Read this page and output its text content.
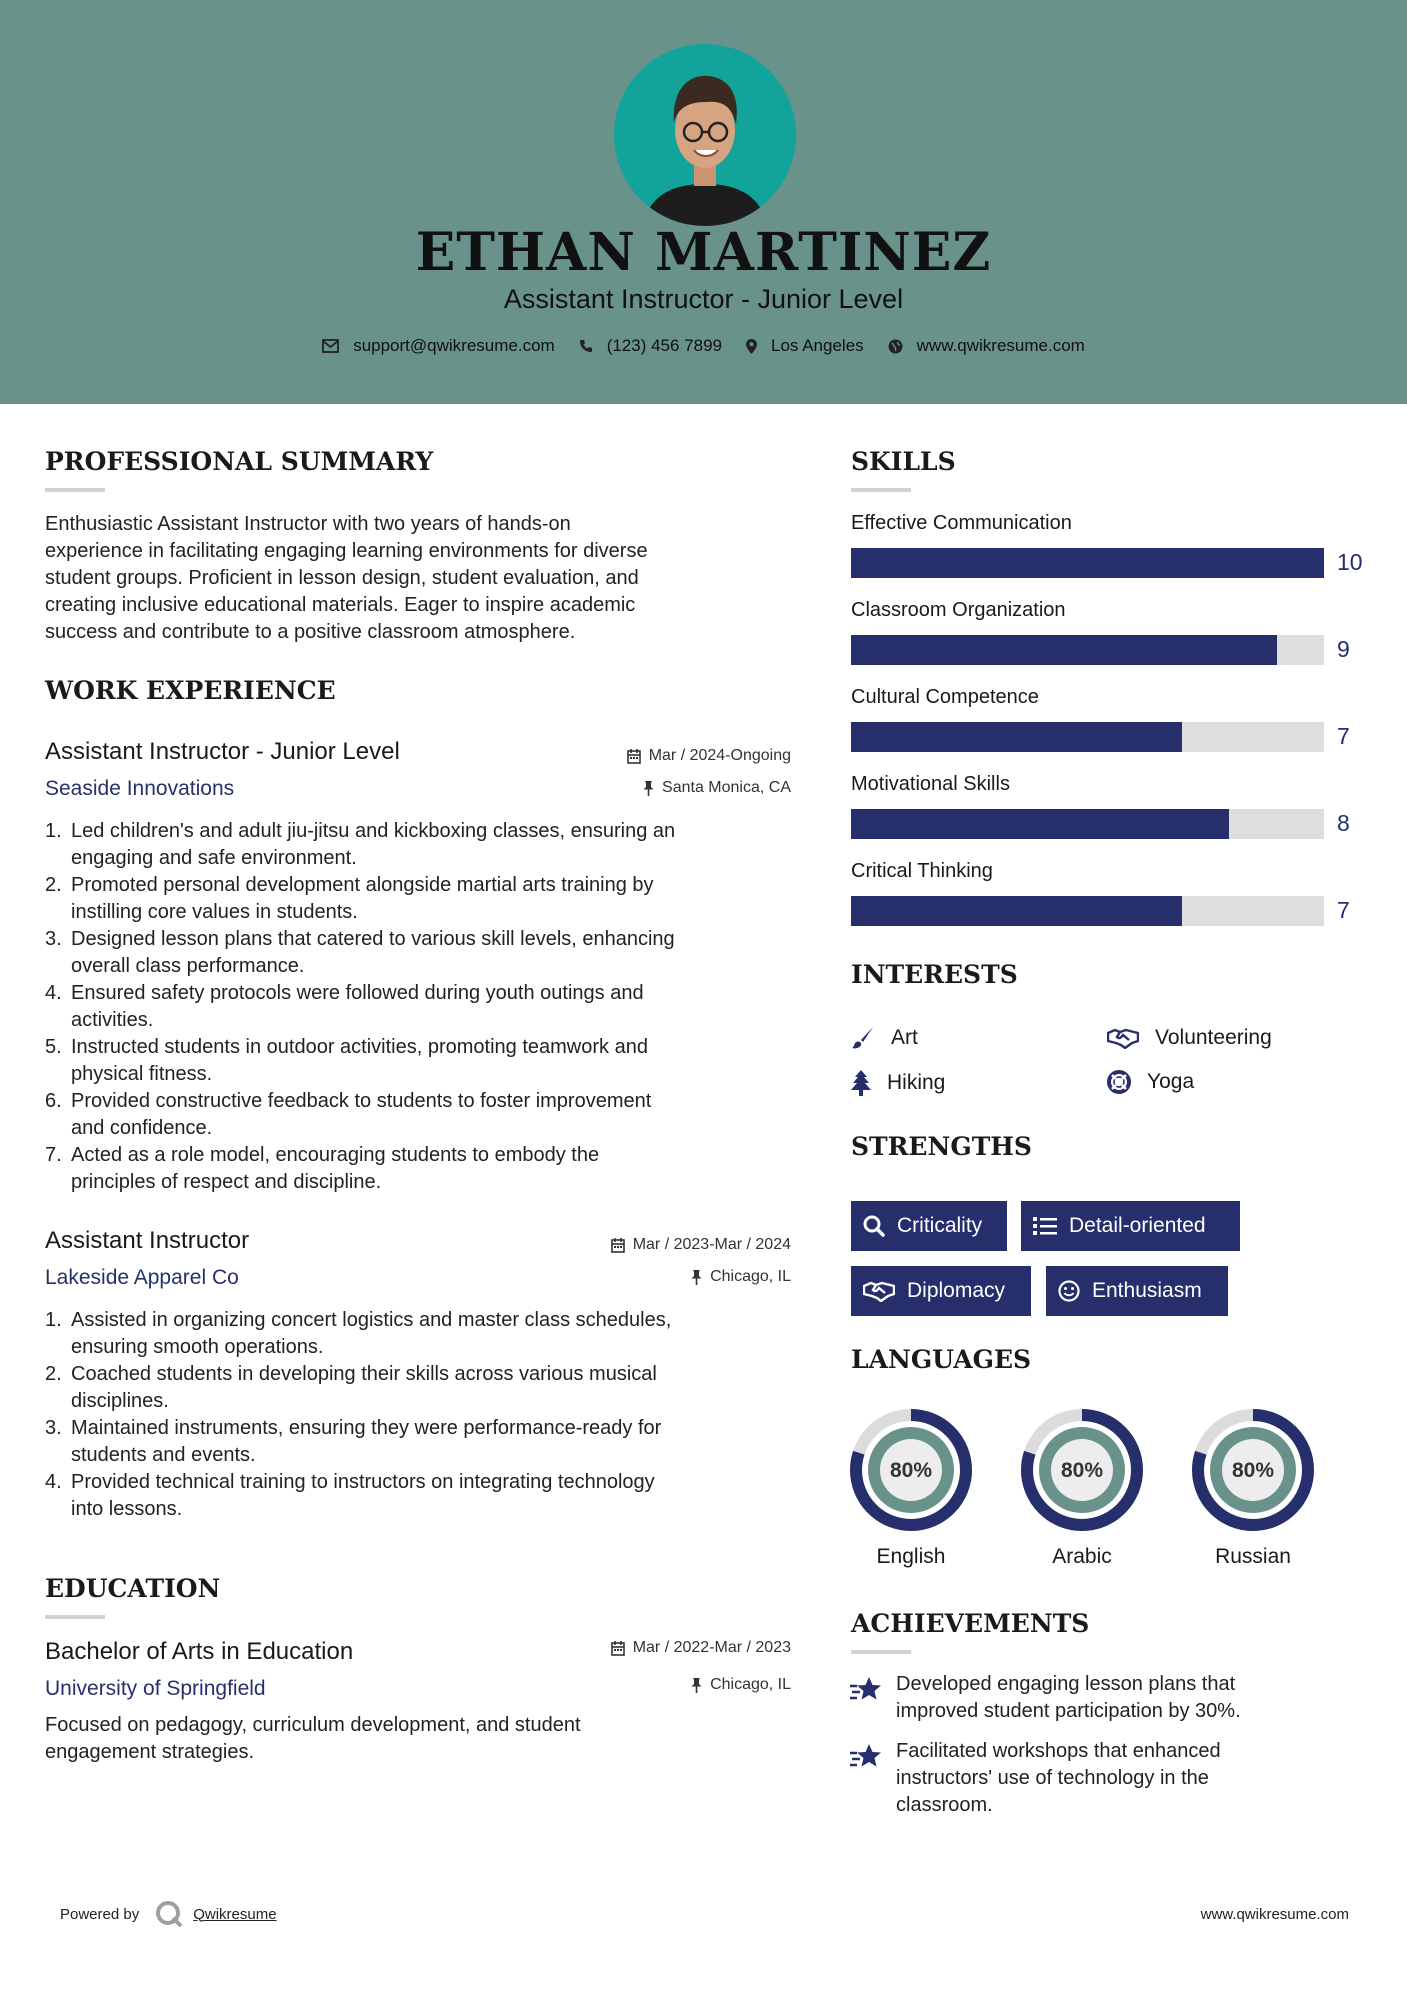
ETHAN MARTINEZ
Assistant Instructor - Junior Level
support@qwikresume.com	(123) 456 7899	Los Angeles	www.qwikresume.com
PROFESSIONAL SUMMARY
Enthusiastic Assistant Instructor with two years of hands-on
experience in facilitating engaging learning environments for diverse
student groups. Proficient in lesson design, student evaluation, and
creating inclusive educational materials. Eager to inspire academic
success and contribute to a positive classroom atmosphere.
WORK EXPERIENCE
Assistant Instructor - Junior Level
Seaside Innovations
Mar / 2024-Ongoing
Santa Monica, CA
1. Led children's and adult jiu-jitsu and kickboxing classes, ensuring an
engaging and safe environment.
2. Promoted personal development alongside martial arts training by
instilling core values in students.
3. Designed lesson plans that catered to various skill levels, enhancing
overall class performance.
4. Ensured safety protocols were followed during youth outings and
activities.
5. Instructed students in outdoor activities, promoting teamwork and
physical fitness.
6. Provided constructive feedback to students to foster improvement
and confidence.
7. Acted as a role model, encouraging students to embody the
principles of respect and discipline.
Assistant Instructor
Lakeside Apparel Co
Mar / 2023-Mar / 2024
Chicago, IL
1. Assisted in organizing concert logistics and master class schedules,
ensuring smooth operations.
2. Coached students in developing their skills across various musical
disciplines.
3. Maintained instruments, ensuring they were performance-ready for
students and events.
4. Provided technical training to instructors on integrating technology
into lessons.
EDUCATION
Bachelor of Arts in Education
University of Springfield
Mar / 2022-Mar / 2023
Chicago, IL
Focused on pedagogy, curriculum development, and student
engagement strategies.
SKILLS
Effective Communication
10
Classroom Organization
9
Cultural Competence
7
Motivational Skills
8
Critical Thinking
7
INTERESTS
Art	Volunteering
Hiking	Yoga
STRENGTHS
Criticality	Detail-oriented
Diplomacy	Enthusiasm
LANGUAGES
80%
English
80%
Arabic
80%
Russian
ACHIEVEMENTS
Developed engaging lesson plans that
improved student participation by 30%.
Facilitated workshops that enhanced
instructors' use of technology in the
classroom.
Powered by	Qwikresume	www.qwikresume.com
